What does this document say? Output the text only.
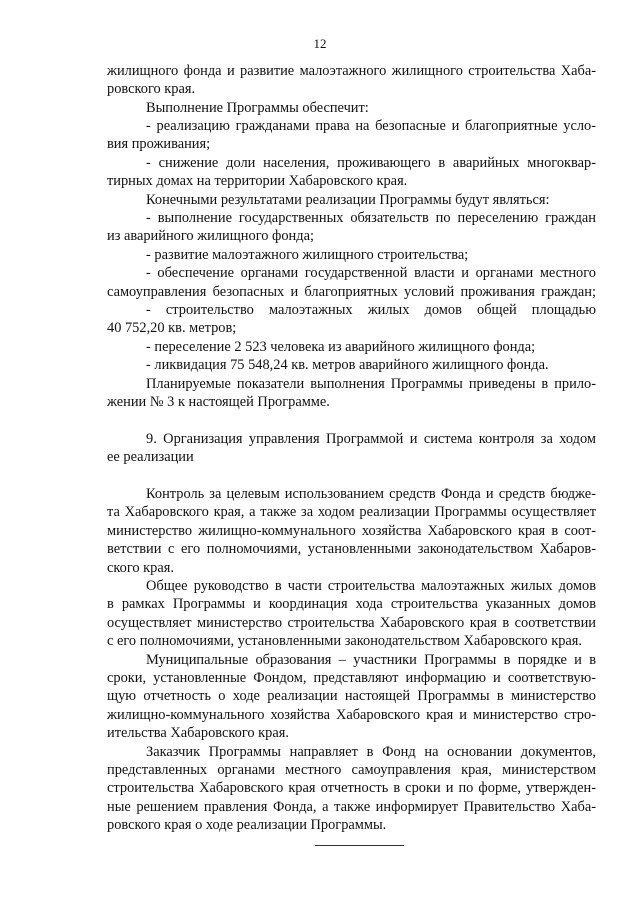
12
жилищного фонда и развитие малоэтажного жилищного строительства Хаба-
ровского края.
Выполнение Программы обеспечит:
- реализацию гражданами права на безопасные и благоприятные усло-
вия проживания;
- снижение доли населения, проживающего в аварийных многоквар-
тирных домах на территории Хабаровского края.
Конечными результатами реализации Программы будут являться:
- выполнение государственных обязательств по переселению граждан
из аварийного жилищного фонда;
- развитие малоэтажного жилищного строительства;
- обеспечение органами государственной власти и органами местного
самоуправления безопасных и благоприятных условий проживания граждан;
- строительство малоэтажных жилых домов общей площадью
40 752,20 кв. метров;
- переселение 2 523 человека из аварийного жилищного фонда;
- ликвидация 75 548,24 кв. метров аварийного жилищного фонда.
Планируемые показатели выполнения Программы приведены в прило-
жении № 3 к настоящей Программе.
9. Организация управления Программой и система контроля за ходом
ее реализации
Контроль за целевым использованием средств Фонда и средств бюдже-
та Хабаровского края, а также за ходом реализации Программы осуществляет
министерство жилищно-коммунального хозяйства Хабаровского края в соот-
ветствии с его полномочиями, установленными законодательством Хабаров-
ского края.
Общее руководство в части строительства малоэтажных жилых домов
в рамках Программы и координация хода строительства указанных домов
осуществляет министерство строительства Хабаровского края в соответствии
с его полномочиями, установленными законодательством Хабаровского края.
Муниципальные образования – участники Программы в порядке и в
сроки, установленные Фондом, представляют информацию и соответствую-
щую отчетность о ходе реализации настоящей Программы в министерство
жилищно-коммунального хозяйства Хабаровского края и министерство стро-
ительства Хабаровского края.
Заказчик Программы направляет в Фонд на основании документов,
представленных органами местного самоуправления края, министерством
строительства Хабаровского края отчетность в сроки и по форме, утвержден-
ные решением правления Фонда, а также информирует Правительство Хаба-
ровского края о ходе реализации Программы.
